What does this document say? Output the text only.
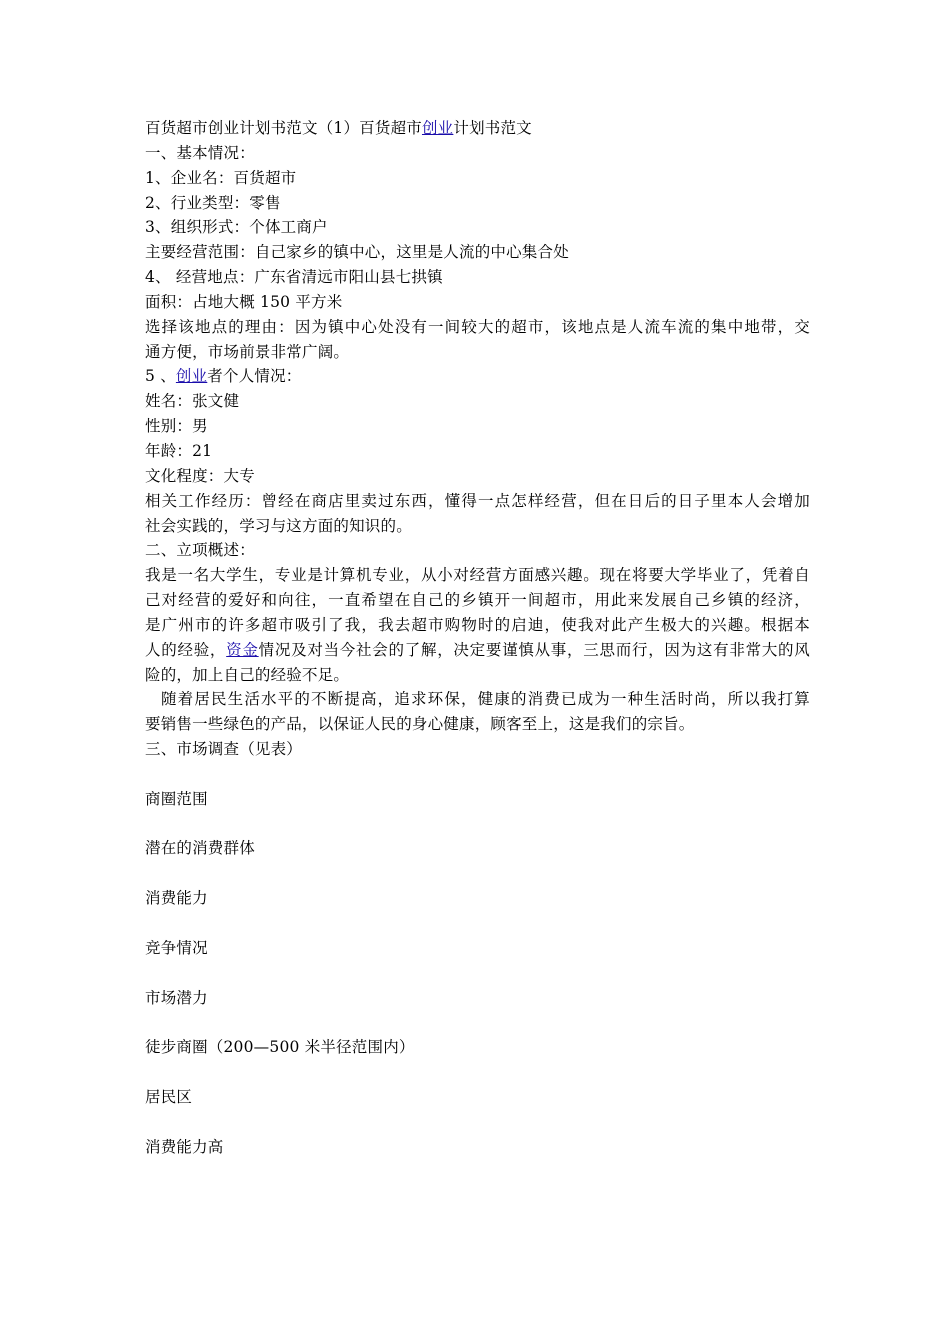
百货超市创业计划书范文（1）百货超市创业计划书范文
一、基本情况：
1、企业名：百货超市
2、行业类型：零售
3、组织形式：个体工商户
主要经营范围：自己家乡的镇中心，这里是人流的中心集合处
4、 经营地点：广东省清远市阳山县七拱镇
面积：占地大概 150 平方米
选择该地点的理由：因为镇中心处没有一间较大的超市，该地点是人流车流的集中地带，交
通方便，市场前景非常广阔。
5 、创业者个人情况：
姓名：张文健
性别：男
年龄：21
文化程度：大专
相关工作经历：曾经在商店里卖过东西，懂得一点怎样经营，但在日后的日子里本人会增加
社会实践的，学习与这方面的知识的。
二、立项概述：
我是一名大学生，专业是计算机专业，从小对经营方面感兴趣。现在将要大学毕业了，凭着自
己对经营的爱好和向往，一直希望在自己的乡镇开一间超市，用此来发展自己乡镇的经济，
是广州市的许多超市吸引了我，我去超市购物时的启迪，使我对此产生极大的兴趣。根据本
人的经验，资金情况及对当今社会的了解，决定要谨慎从事，三思而行，因为这有非常大的风
险的，加上自己的经验不足。
随着居民生活水平的不断提高，追求环保，健康的消费已成为一种生活时尚，所以我打算
要销售一些绿色的产品，以保证人民的身心健康，顾客至上，这是我们的宗旨。
三、市场调查（见表）
商圈范围
潜在的消费群体
消费能力
竞争情况
市场潜力
徒步商圈（200—500 米半径范围内）
居民区
消费能力高
